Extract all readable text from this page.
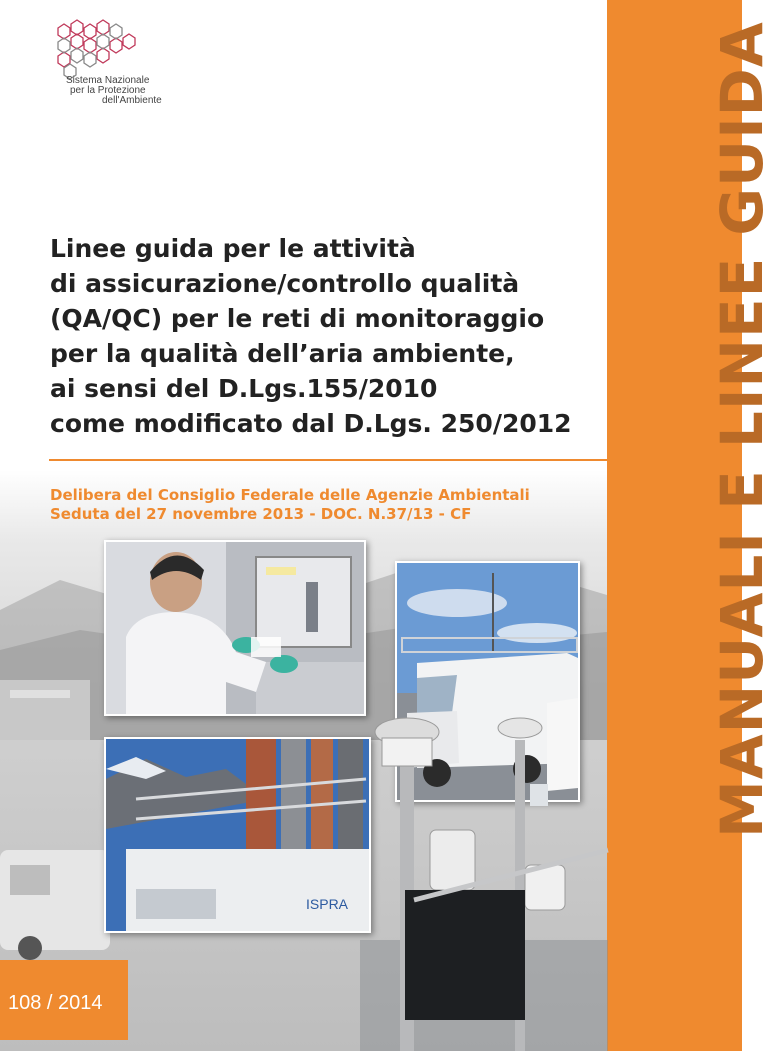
MANUALI E LINEE GUIDA
Sistema Nazionale
per la Protezione
dell'Ambiente
Linee guida per le attività
di assicurazione/controllo qualità
(QA/QC) per le reti di monitoraggio
per la qualità dell’aria ambiente,
ai sensi del D.Lgs.155/2010
come modificato dal D.Lgs. 250/2012
Delibera del Consiglio Federale delle Agenzie Ambientali
Seduta del 27 novembre 2013 - DOC. N.37/13 - CF
ISPRA
108 / 2014
